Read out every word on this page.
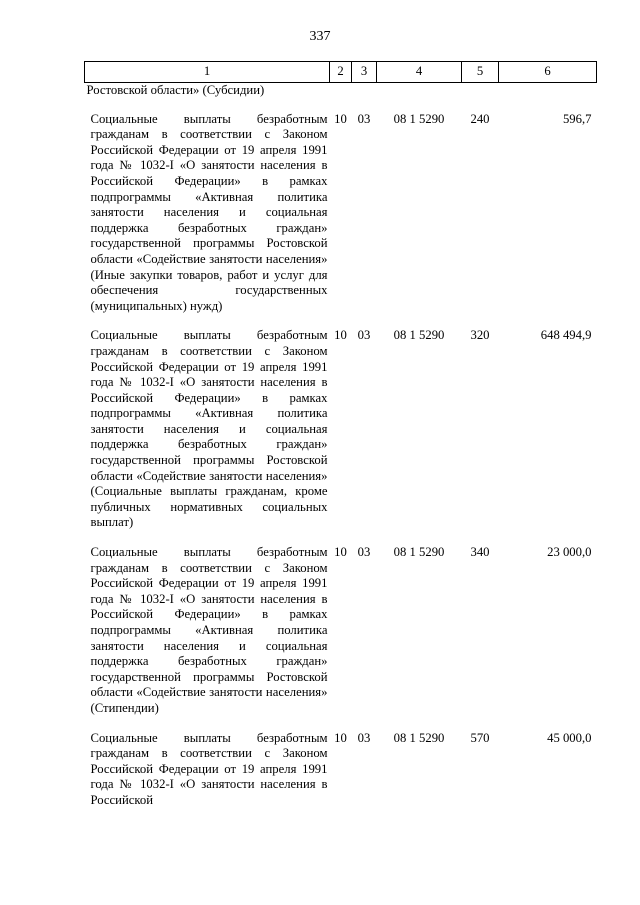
337
1	2	3	4	5	6
Ростовской области» (Субсидии)					
Социальные выплаты безработным гражданам в соответствии с Законом Российской Федерации от 19 апреля 1991 года № 1032-I «О занятости населения в Российской Федерации» в рамках подпрограммы «Активная политика занятости населения и социальная поддержка безработных граждан» государственной программы Ростовской области «Содействие занятости населения» (Иные закупки товаров, работ и услуг для обеспечения государственных (муниципальных) нужд)	10	03	08 1 5290	240	596,7
Социальные выплаты безработным гражданам в соответствии с Законом Российской Федерации от 19 апреля 1991 года № 1032-I «О занятости населения в Российской Федерации» в рамках подпрограммы «Активная политика занятости населения и социальная поддержка безработных граждан» государственной программы Ростовской области «Содействие занятости населения» (Социальные выплаты гражданам, кроме публичных нормативных социальных выплат)	10	03	08 1 5290	320	648 494,9
Социальные выплаты безработным гражданам в соответствии с Законом Российской Федерации от 19 апреля 1991 года № 1032-I «О занятости населения в Российской Федерации» в рамках подпрограммы «Активная политика занятости населения и социальная поддержка безработных граждан» государственной программы Ростовской области «Содействие занятости населения» (Стипендии)	10	03	08 1 5290	340	23 000,0
Социальные выплаты безработным гражданам в соответствии с Законом Российской Федерации от 19 апреля 1991 года № 1032-I «О занятости населения в Российской	10	03	08 1 5290	570	45 000,0
